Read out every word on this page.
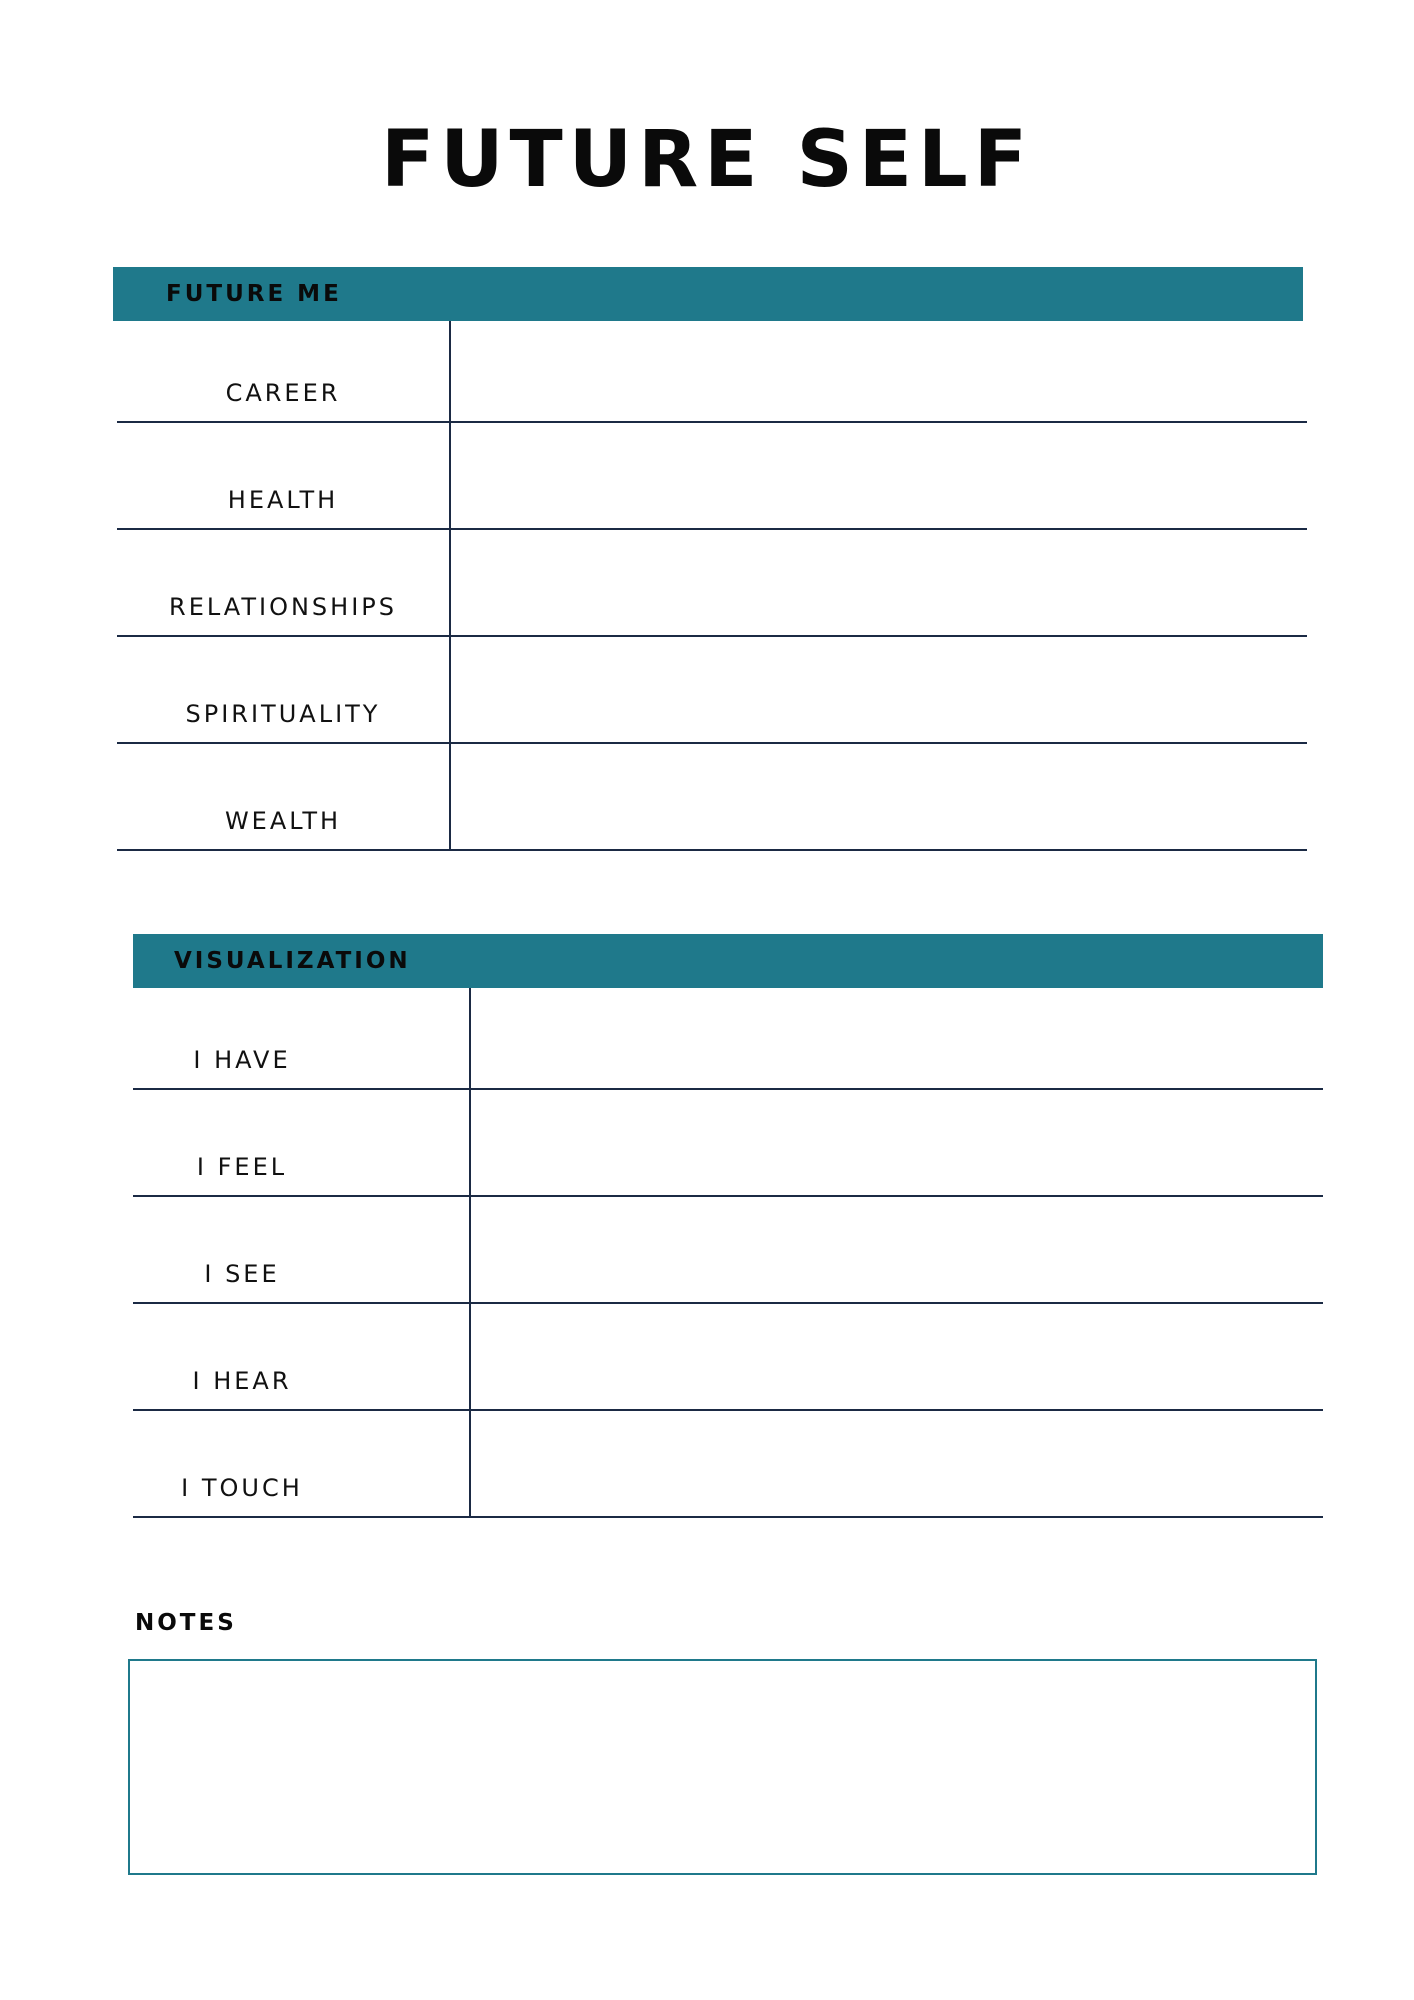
FUTURE SELF
FUTURE ME
CAREER
HEALTH
RELATIONSHIPS
SPIRITUALITY
WEALTH
VISUALIZATION
I HAVE
I FEEL
I SEE
I HEAR
I TOUCH
NOTES
